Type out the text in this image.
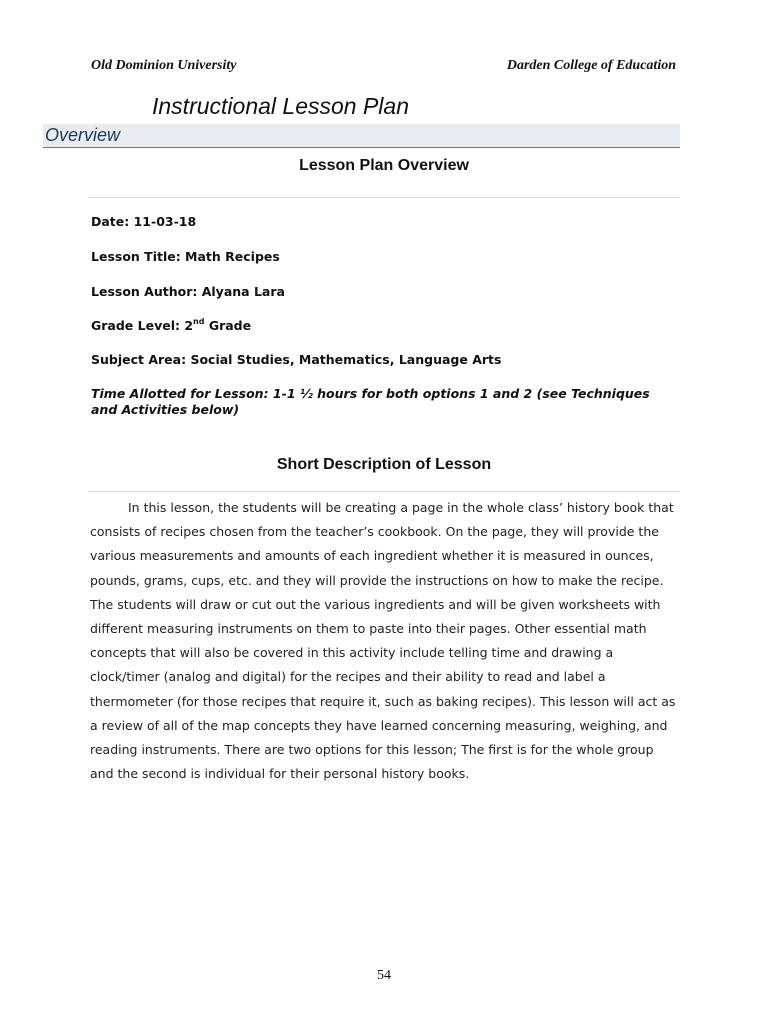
Old Dominion University	Darden College of Education
Instructional Lesson Plan
Overview
Lesson Plan Overview
Date: 11-03-18
Lesson Title: Math Recipes
Lesson Author: Alyana Lara
Grade Level: 2nd Grade
Subject Area: Social Studies, Mathematics, Language Arts
Time Allotted for Lesson: 1-1 ½ hours for both options 1 and 2 (see Techniques and Activities below)
Short Description of Lesson
In this lesson, the students will be creating a page in the whole class’ history book that
consists of recipes chosen from the teacher’s cookbook. On the page, they will provide the
various measurements and amounts of each ingredient whether it is measured in ounces,
pounds, grams, cups, etc. and they will provide the instructions on how to make the recipe.
The students will draw or cut out the various ingredients and will be given worksheets with
different measuring instruments on them to paste into their pages. Other essential math
concepts that will also be covered in this activity include telling time and drawing a
clock/timer (analog and digital) for the recipes and their ability to read and label a
thermometer (for those recipes that require it, such as baking recipes). This lesson will act as
a review of all of the map concepts they have learned concerning measuring, weighing, and
reading instruments. There are two options for this lesson; The first is for the whole group
and the second is individual for their personal history books.
54
